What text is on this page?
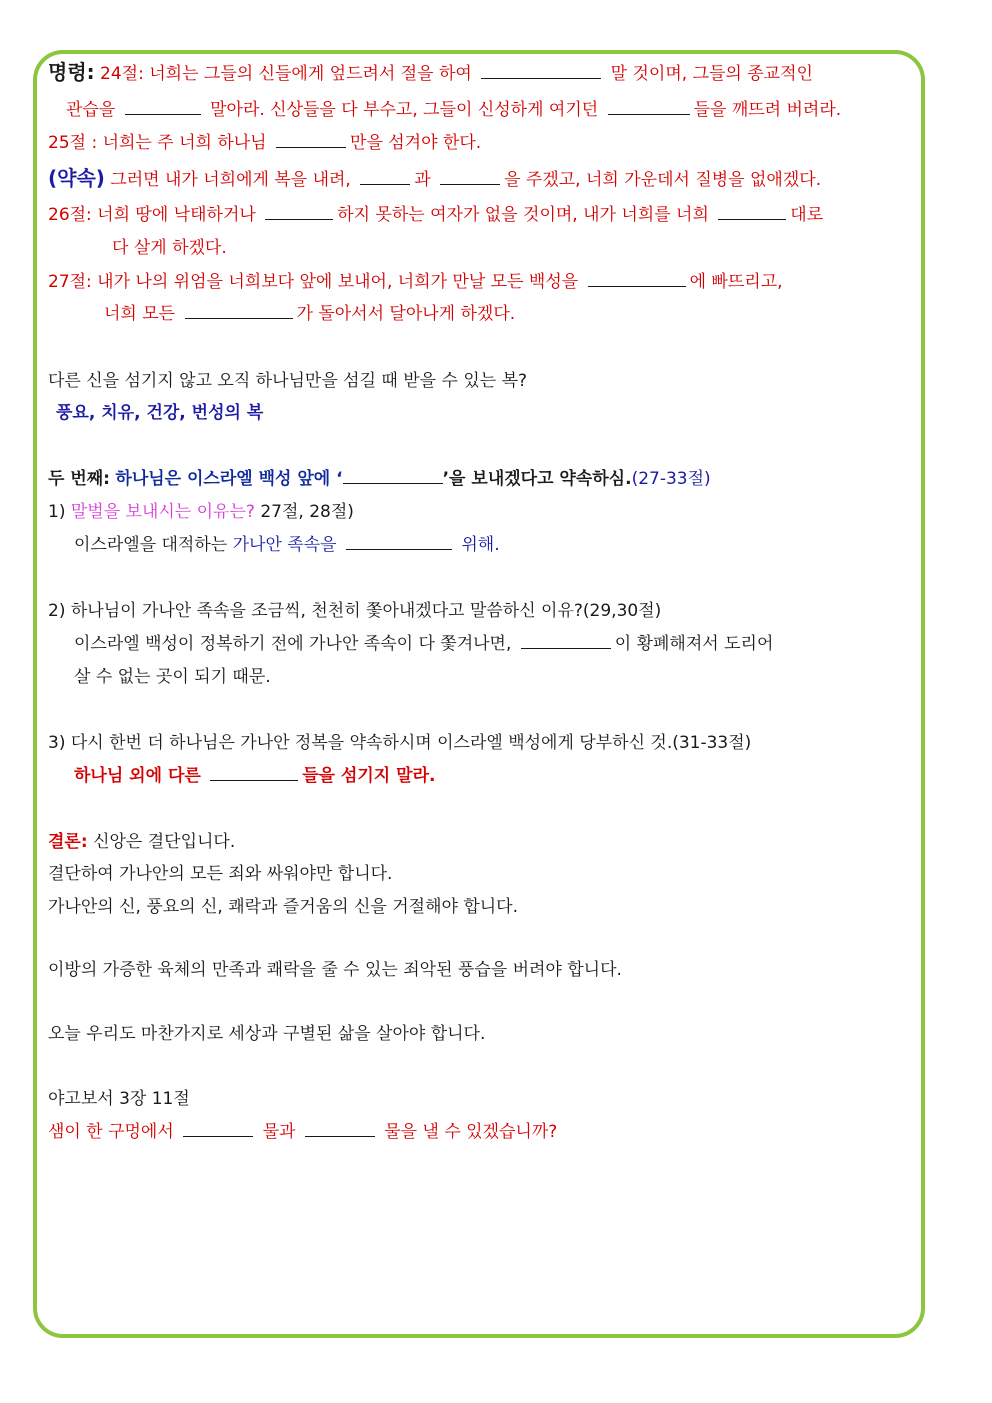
명령: 24절: 너희는 그들의 신들에게 엎드려서 절을 하여	말 것이며, 그들의 종교적인
관습을	말아라. 신상들을 다 부수고, 그들이 신성하게 여기던	들을 깨뜨려 버려라.
25절 : 너희는 주 너희 하나님	만을 섬겨야 한다.
(약속) 그러면 내가 너희에게 복을 내려,	과	을 주겠고, 너희 가운데서 질병을 없애겠다.
26절: 너희 땅에 낙태하거나	하지 못하는 여자가 없을 것이며, 내가 너희를 너희	대로
다 살게 하겠다.
27절: 내가 나의 위엄을 너희보다 앞에 보내어, 너희가 만날 모든 백성을	에 빠뜨리고,
너희 모든	가 돌아서서 달아나게 하겠다.
다른 신을 섬기지 않고 오직 하나님만을 섬길 때 받을 수 있는 복?
풍요, 치유, 건강, 번성의 복
두 번째: 하나님은 이스라엘 백성 앞에 ‘	’을 보내겠다고 약속하심.(27-33절)
1) 말벌을 보내시는 이유는? 27절, 28절)
이스라엘을 대적하는 가나안 족속을	위해.
2) 하나님이 가나안 족속을 조금씩, 천천히 쫓아내겠다고 말씀하신 이유?(29,30절)
이스라엘 백성이 정복하기 전에 가나안 족속이 다 쫓겨나면,	이 황폐해져서 도리어
살 수 없는 곳이 되기 때문.
3) 다시 한번 더 하나님은 가나안 정복을 약속하시며 이스라엘 백성에게 당부하신 것.(31-33절)
하나님 외에 다른	들을 섬기지 말라.
결론: 신앙은 결단입니다.
결단하여 가나안의 모든 죄와 싸워야만 합니다.
가나안의 신, 풍요의 신, 쾌락과 즐거움의 신을 거절해야 합니다.
이방의 가증한 육체의 만족과 쾌락을 줄 수 있는 죄악된 풍습을 버려야 합니다.
오늘 우리도 마찬가지로 세상과 구별된 삶을 살아야 합니다.
야고보서 3장 11절
샘이 한 구멍에서	물과	물을 낼 수 있겠습니까?
